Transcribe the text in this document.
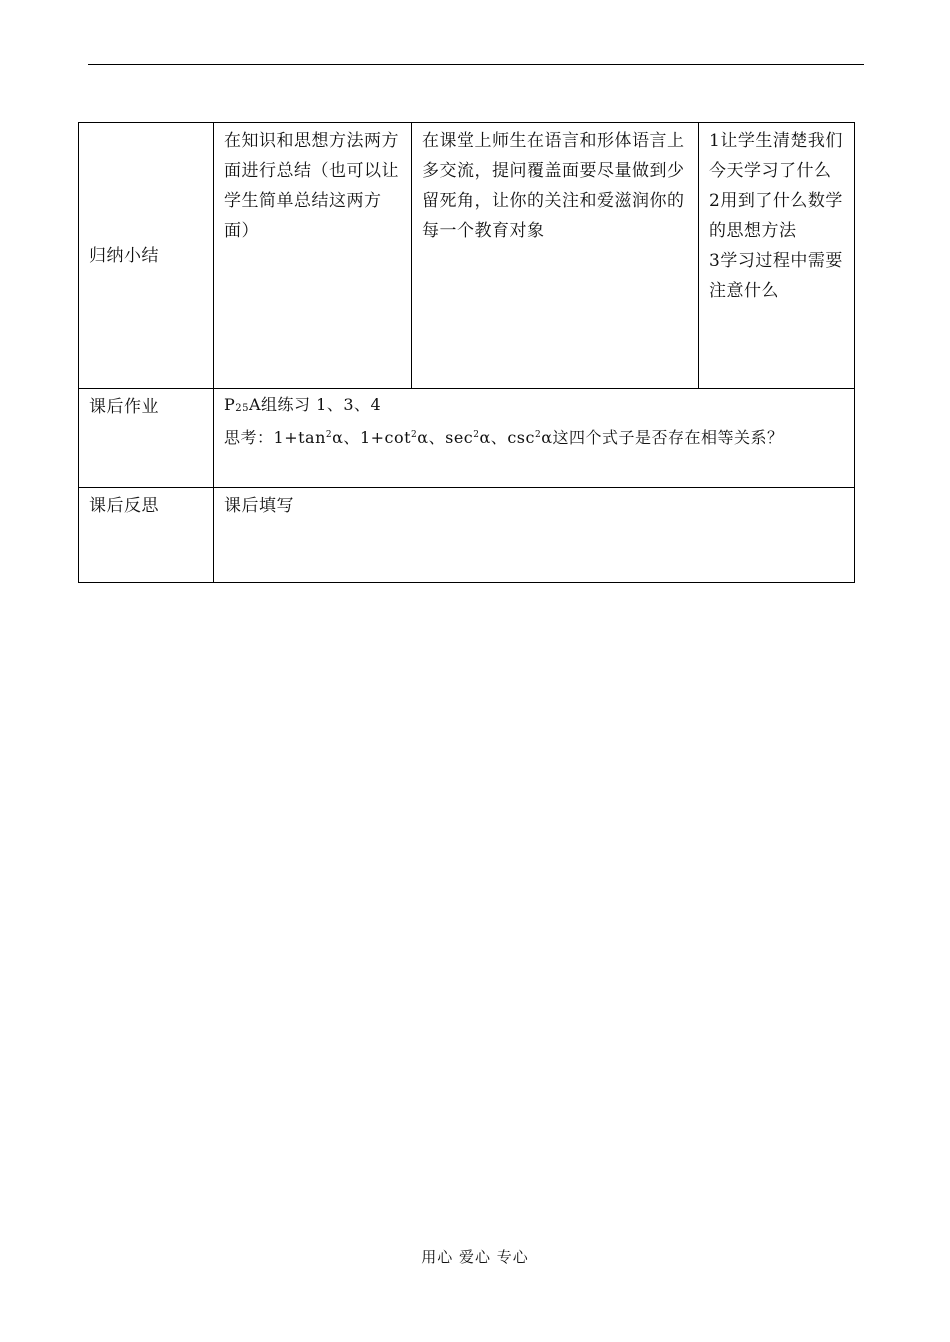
归纳小结	在知识和思想方法两方面进行总结（也可以让学生简单总结这两方面）	在课堂上师生在语言和形体语言上多交流，提问覆盖面要尽量做到少留死角，让你的关注和爱滋润你的每一个教育对象	1让学生清楚我们今天学习了什么
2用到了什么数学的思想方法
3学习过程中需要注意什么

课后作业	$P_{25}A$组练习 1、3、4
思考：$1+\tan^2\alpha$、$1+\cot^2\alpha$、$\sec^2\alpha$、$\csc^2\alpha$这四个式子是否存在相等关系？		

课后反思	课后填写		
用心 爱心 专心
